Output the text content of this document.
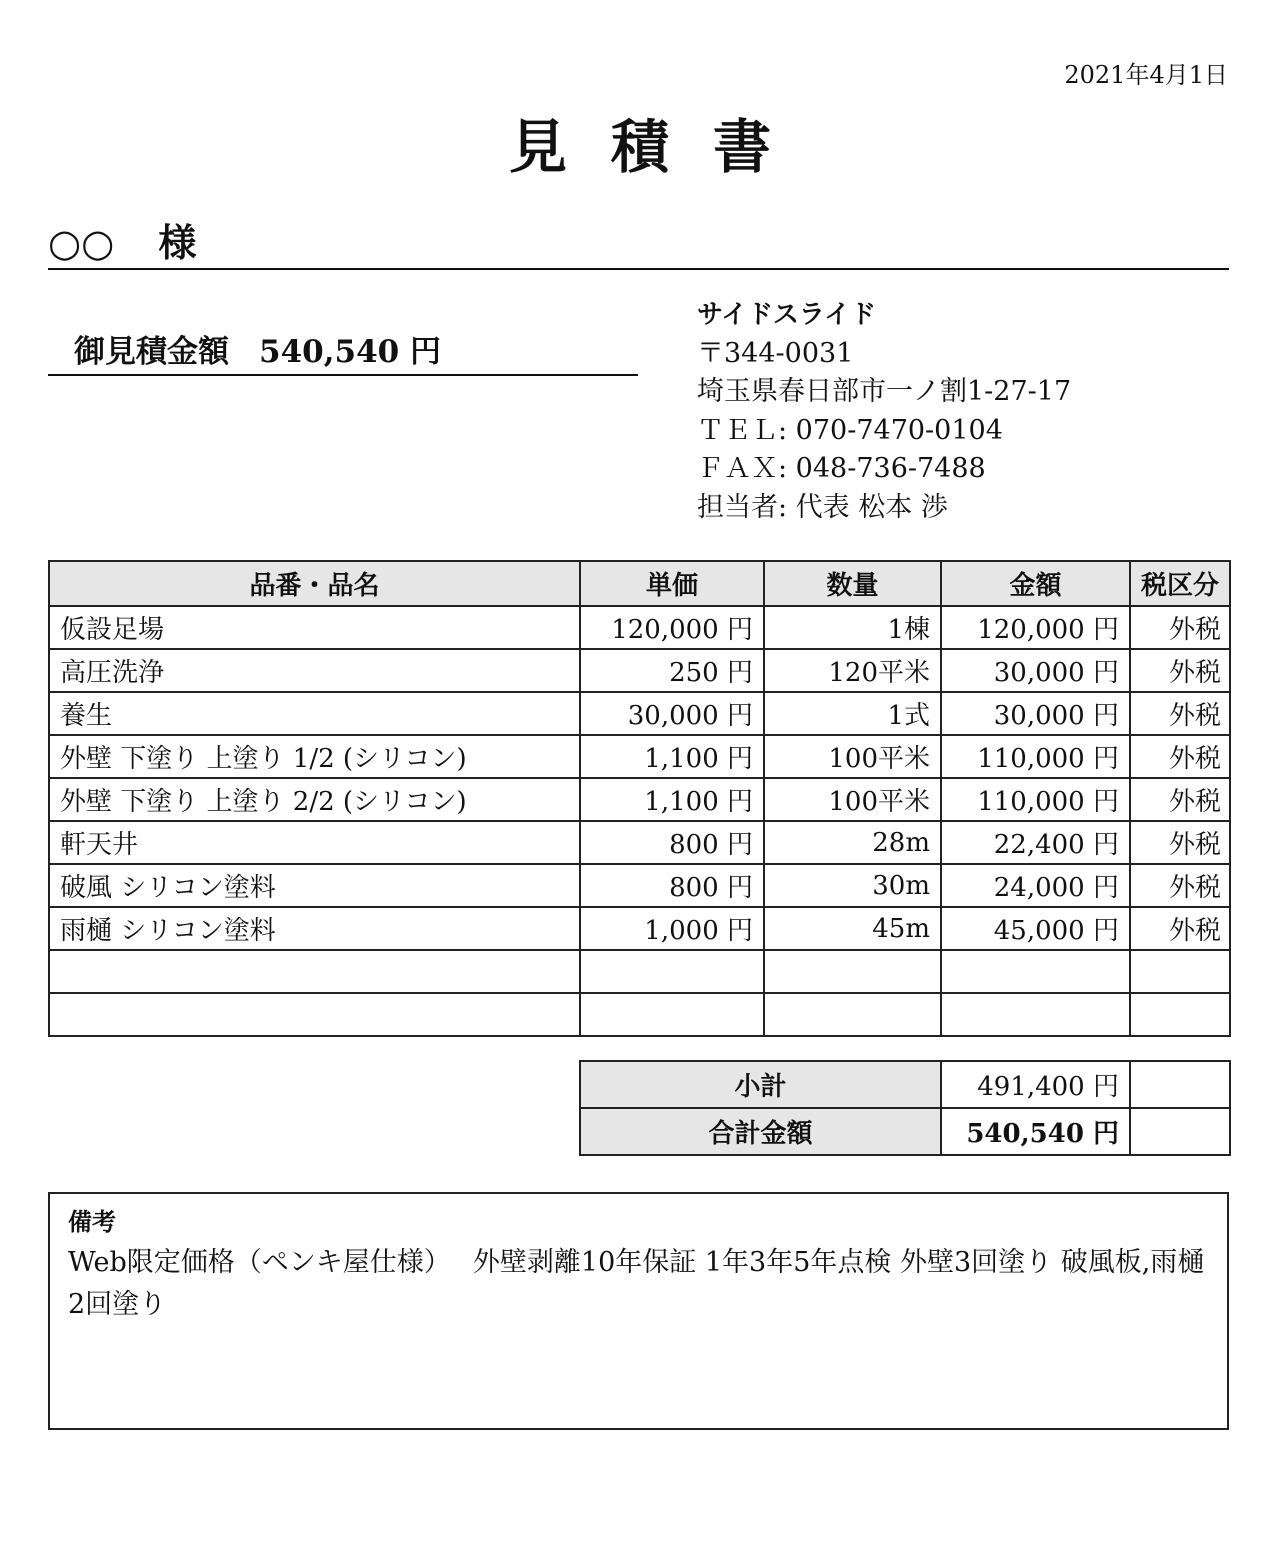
2021年4月1日
見積書
○○ 様
御見積金額 540,540 円
サイドスライド
〒344-0031
埼玉県春日部市一ノ割1-27-17
ＴＥＬ: 070-7470-0104
ＦＡＸ: 048-736-7488
担当者: 代表 松本 渉
品番・品名	単価	数量	金額	税区分
仮設足場	120,000 円	1棟	120,000 円	外税
高圧洗浄	250 円	120平米	30,000 円	外税
養生	30,000 円	1式	30,000 円	外税
外壁 下塗り 上塗り 1/2 (シリコン)	1,100 円	100平米	110,000 円	外税
外壁 下塗り 上塗り 2/2 (シリコン)	1,100 円	100平米	110,000 円	外税
軒天井	800 円	28m	22,400 円	外税
破風 シリコン塗料	800 円	30m	24,000 円	外税
雨樋 シリコン塗料	1,000 円	45m	45,000 円	外税

小計	491,400 円	
合計金額	540,540 円	
備考
Web限定価格（ペンキ屋仕様）　 外壁剥離10年保証 1年3年5年点検 外壁3回塗り 破風板,雨樋2回塗り
